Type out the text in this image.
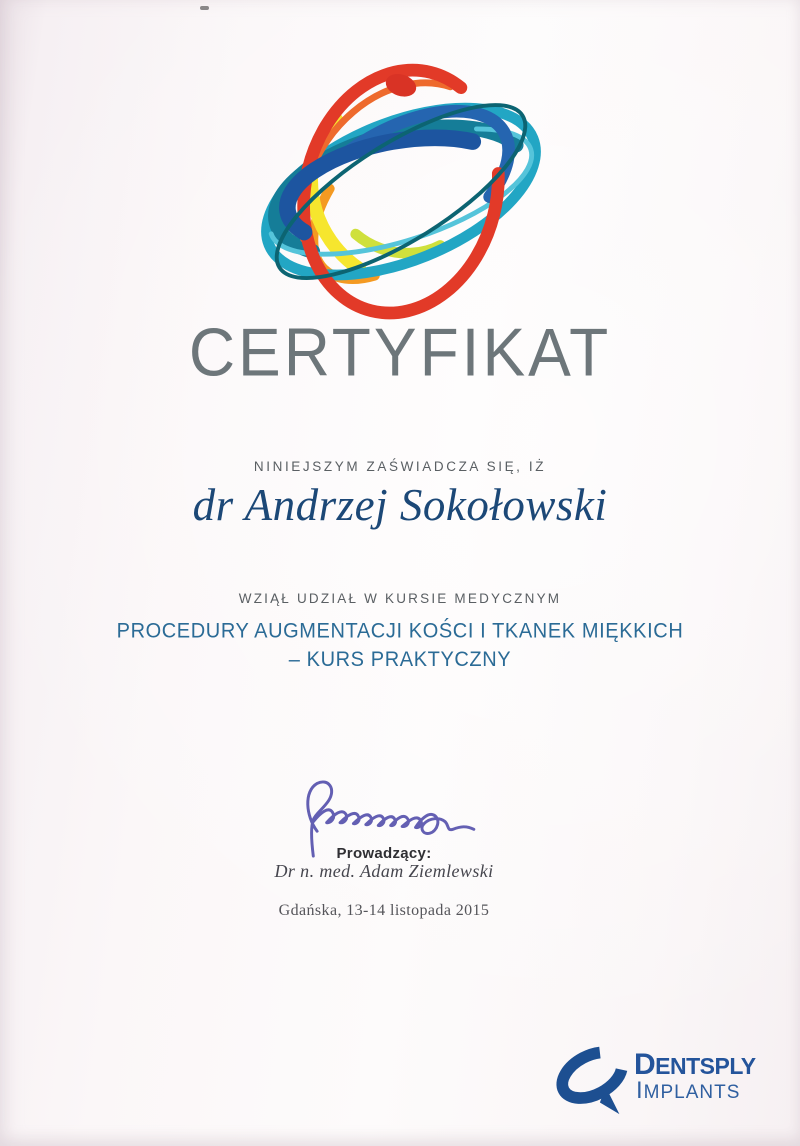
CERTYFIKAT
NINIEJSZYM ZAŚWIADCZA SIĘ, IŻ
dr Andrzej Sokołowski
WZIĄŁ UDZIAŁ W KURSIE MEDYCZNYM
PROCEDURY AUGMENTACJI KOŚCI I TKANEK MIĘKKICH
– KURS PRAKTYCZNY
Prowadzący:
Dr n. med. Adam Ziemlewski
Gdańska, 13-14 listopada 2015
DENTSPLY
IMPLANTS
